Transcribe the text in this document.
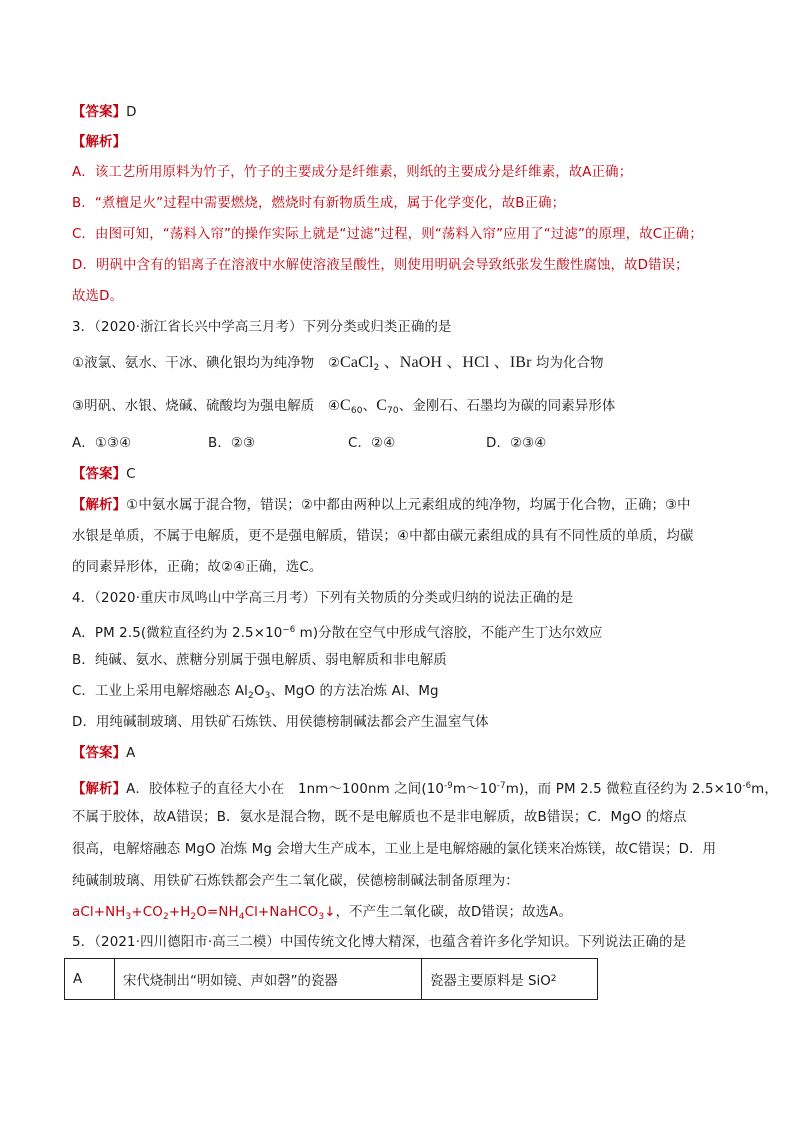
【答案】D
【解析】
A．该工艺所用原料为竹子，竹子的主要成分是纤维素，则纸的主要成分是纤维素，故A正确；
B．“煮檀足火”过程中需要燃烧，燃烧时有新物质生成，属于化学变化，故B正确；
C．由图可知，“荡料入帘”的操作实际上就是“过滤”过程，则“荡料入帘”应用了“过滤”的原理，故C正确；
D．明矾中含有的铝离子在溶液中水解使溶液呈酸性，则使用明矾会导致纸张发生酸性腐蚀，故D错误；
故选D。
3．（2020·浙江省长兴中学高三月考）下列分类或归类正确的是
①液氯、氨水、干冰、碘化银均为纯净物　②CaCl$_2$ 、NaOH 、HCl 、IBr 均为化合物
③明矾、水银、烧碱、硫酸均为强电解质　$④C_{60}$、$C_{70}$、金刚石、石墨均为碳的同素异形体
A．①③④	B．②③	C．②④	D．②③④
【答案】C
【解析】①中氨水属于混合物，错误；②中都由两种以上元素组成的纯净物，均属于化合物，正确；③中
水银是单质，不属于电解质，更不是强电解质，错误；④中都由碳元素组成的具有不同性质的单质，均碳
的同素异形体，正确；故②④正确，选C。
4．（2020·重庆市凤鸣山中学高三月考）下列有关物质的分类或归纳的说法正确的是
A．PM 2.5(微粒直径约为 $2.5\times 10^{-6}$ m)分散在空气中形成气溶胶，不能产生丁达尔效应
B．纯碱、氨水、蔗糖分别属于强电解质、弱电解质和非电解质
C．工业上采用电解熔融态 $Al_2O_3$、MgO 的方法冶炼 Al、Mg
D．用纯碱制玻璃、用铁矿石炼铁、用侯德榜制碱法都会产生温室气体
【答案】A
【解析】A．胶体粒子的直径大小在　1nm～100nm 之间$(10^{-9}m\sim 10^{-7}m)$，而 PM 2.5 微粒直径约为 $2.5\times 10^{-6}m$，
不属于胶体，故A错误；B．氨水是混合物，既不是电解质也不是非电解质，故B错误；C．MgO 的熔点
很高，电解熔融态 MgO 冶炼 Mg 会增大生产成本，工业上是电解熔融的氯化镁来冶炼镁，故C错误；D．用
纯碱制玻璃、用铁矿石炼铁都会产生二氧化碳，侯德榜制碱法制备原理为：
$aCl+NH_3+CO_2+H_2O=NH_4Cl+NaHCO_3↓$，不产生二氧化碳，故D错误；故选A。
5．（2021·四川德阳市·高三二模）中国传统文化博大精深，也蕴含着许多化学知识。下列说法正确的是
A	宋代烧制出“明如镜、声如磬”的瓷器	瓷器主要原料是 SiO 2
